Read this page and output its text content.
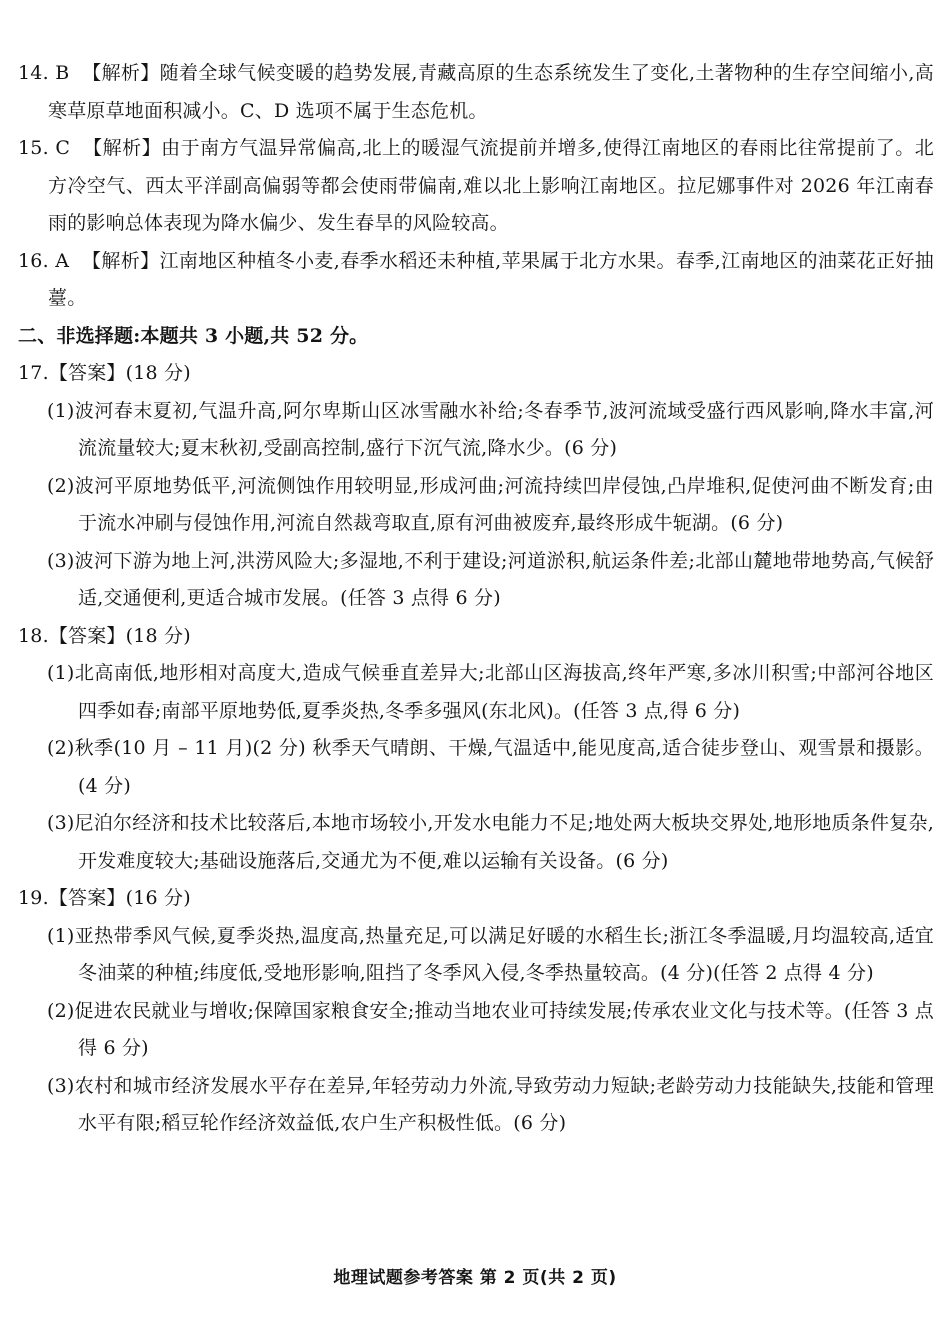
14. B 【解析】随着全球气候变暖的趋势发展,青藏高原的生态系统发生了变化,土著物种的生存空间缩小,高寒草原草地面积减小。C、D 选项不属于生态危机。

15. C 【解析】由于南方气温异常偏高,北上的暖湿气流提前并增多,使得江南地区的春雨比往常提前了。北方冷空气、西太平洋副高偏弱等都会使雨带偏南,难以北上影响江南地区。拉尼娜事件对 2026 年江南春雨的影响总体表现为降水偏少、发生春旱的风险较高。

16. A 【解析】江南地区种植冬小麦,春季水稻还未种植,苹果属于北方水果。春季,江南地区的油菜花正好抽薹。

二、非选择题:本题共 3 小题,共 52 分。

17.【答案】(18 分)

(1)波河春末夏初,气温升高,阿尔卑斯山区冰雪融水补给;冬春季节,波河流域受盛行西风影响,降水丰富,河流流量较大;夏末秋初,受副高控制,盛行下沉气流,降水少。(6 分)

(2)波河平原地势低平,河流侧蚀作用较明显,形成河曲;河流持续凹岸侵蚀,凸岸堆积,促使河曲不断发育;由于流水冲刷与侵蚀作用,河流自然裁弯取直,原有河曲被废弃,最终形成牛轭湖。(6 分)

(3)波河下游为地上河,洪涝风险大;多湿地,不利于建设;河道淤积,航运条件差;北部山麓地带地势高,气候舒适,交通便利,更适合城市发展。(任答 3 点得 6 分)

18.【答案】(18 分)

(1)北高南低,地形相对高度大,造成气候垂直差异大;北部山区海拔高,终年严寒,多冰川积雪;中部河谷地区四季如春;南部平原地势低,夏季炎热,冬季多强风(东北风)。(任答 3 点,得 6 分)

(2)秋季(10 月 – 11 月)(2 分) 秋季天气晴朗、干燥,气温适中,能见度高,适合徒步登山、观雪景和摄影。(4 分)

(3)尼泊尔经济和技术比较落后,本地市场较小,开发水电能力不足;地处两大板块交界处,地形地质条件复杂,开发难度较大;基础设施落后,交通尤为不便,难以运输有关设备。(6 分)

19.【答案】(16 分)

(1)亚热带季风气候,夏季炎热,温度高,热量充足,可以满足好暖的水稻生长;浙江冬季温暖,月均温较高,适宜冬油菜的种植;纬度低,受地形影响,阻挡了冬季风入侵,冬季热量较高。(4 分)(任答 2 点得 4 分)

(2)促进农民就业与增收;保障国家粮食安全;推动当地农业可持续发展;传承农业文化与技术等。(任答 3 点得 6 分)

(3)农村和城市经济发展水平存在差异,年轻劳动力外流,导致劳动力短缺;老龄劳动力技能缺失,技能和管理水平有限;稻豆轮作经济效益低,农户生产积极性低。(6 分)

地理试题参考答案 第 2 页(共 2 页)
